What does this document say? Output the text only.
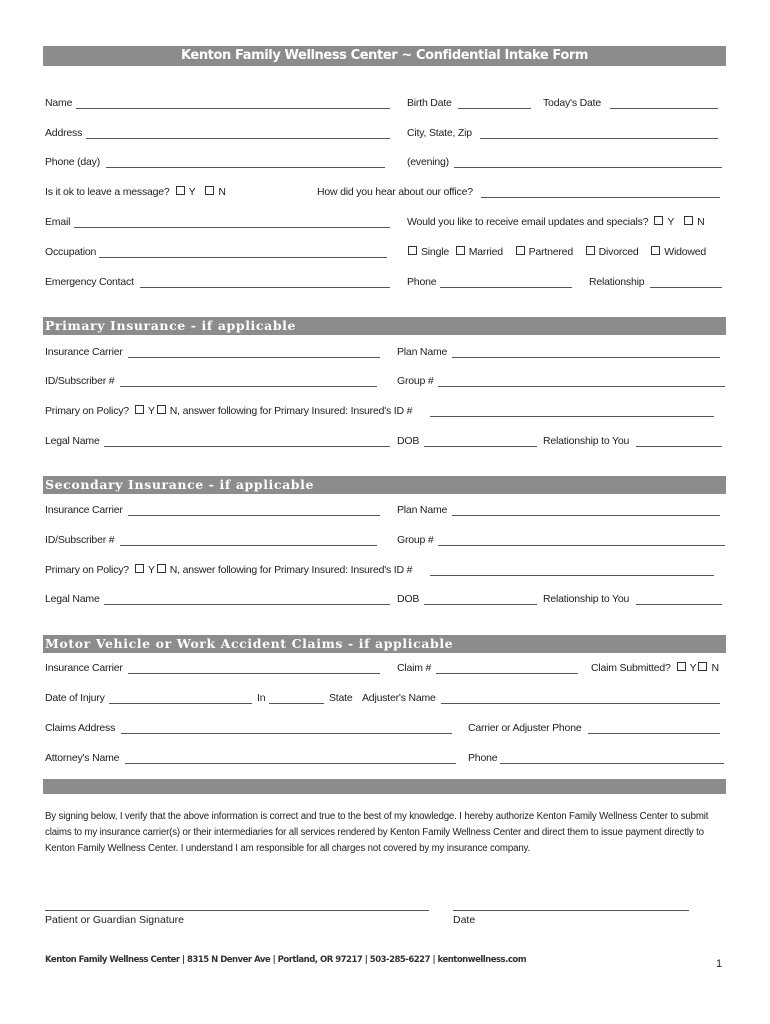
Kenton Family Wellness Center ~ Confidential Intake Form
Name	Birth Date	Today's Date
Address	City, State, Zip
Phone (day)	(evening)
Is it ok to leave a message? Y N	How did you hear about our office?
Email	Would you like to receive email updates and specials? Y N
Occupation	Single Married Partnered Divorced Widowed
Emergency Contact	Phone	Relationship
Primary Insurance - if applicable
Insurance Carrier	Plan Name
ID/Subscriber #	Group #
Primary on Policy? Y N, answer following for Primary Insured: Insured's ID #
Legal Name	DOB	Relationship to You
Secondary Insurance - if applicable
Insurance Carrier	Plan Name
ID/Subscriber #	Group #
Primary on Policy? Y N, answer following for Primary Insured: Insured's ID #
Legal Name	DOB	Relationship to You
Motor Vehicle or Work Accident Claims - if applicable
Insurance Carrier	Claim #	Claim Submitted? Y N
Date of Injury	In	State Adjuster's Name
Claims Address	Carrier or Adjuster Phone
Attorney's Name	Phone
By signing below, I verify that the above information is correct and true to the best of my knowledge. I hereby authorize Kenton Family Wellness Center to submit claims to my insurance carrier(s) or their intermediaries for all services rendered by Kenton Family Wellness Center and direct them to issue payment directly to Kenton Family Wellness Center. I understand I am responsible for all charges not covered by my insurance company.
Patient or Guardian Signature	Date
Kenton Family Wellness Center | 8315 N Denver Ave | Portland, OR 97217 | 503-285-6227 | kentonwellness.com	1
